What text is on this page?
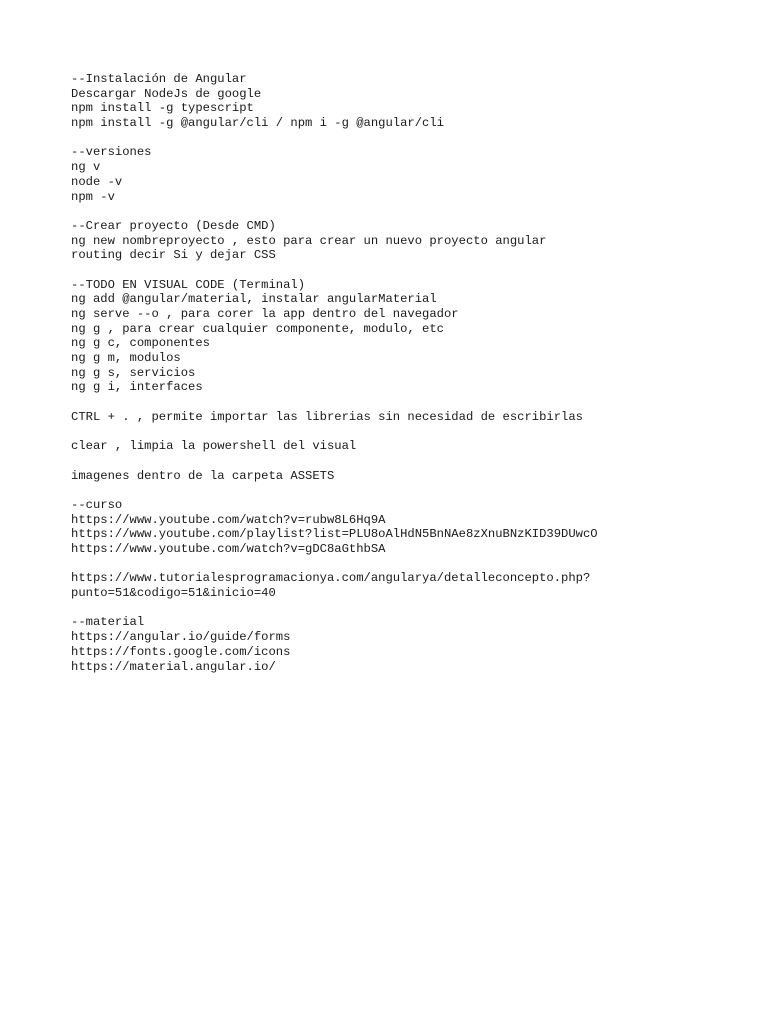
--Instalación de Angular
Descargar NodeJs de google
npm install -g typescript
npm install -g @angular/cli / npm i -g @angular/cli
--versiones
ng v
node -v
npm -v
--Crear proyecto (Desde CMD)
ng new nombreproyecto , esto para crear un nuevo proyecto angular
routing decir Si y dejar CSS
--TODO EN VISUAL CODE (Terminal)
ng add @angular/material, instalar angularMaterial
ng serve --o , para corer la app dentro del navegador
ng g , para crear cualquier componente, modulo, etc
ng g c, componentes
ng g m, modulos
ng g s, servicios
ng g i, interfaces
CTRL + . , permite importar las librerias sin necesidad de escribirlas
clear , limpia la powershell del visual
imagenes dentro de la carpeta ASSETS
--curso
https://www.youtube.com/watch?v=rubw8L6Hq9A
https://www.youtube.com/playlist?list=PLU8oAlHdN5BnNAe8zXnuBNzKID39DUwcO
https://www.youtube.com/watch?v=gDC8aGthbSA
https://www.tutorialesprogramacionya.com/angularya/detalleconcepto.php?
punto=51&codigo=51&inicio=40
--material
https://angular.io/guide/forms
https://fonts.google.com/icons
https://material.angular.io/
